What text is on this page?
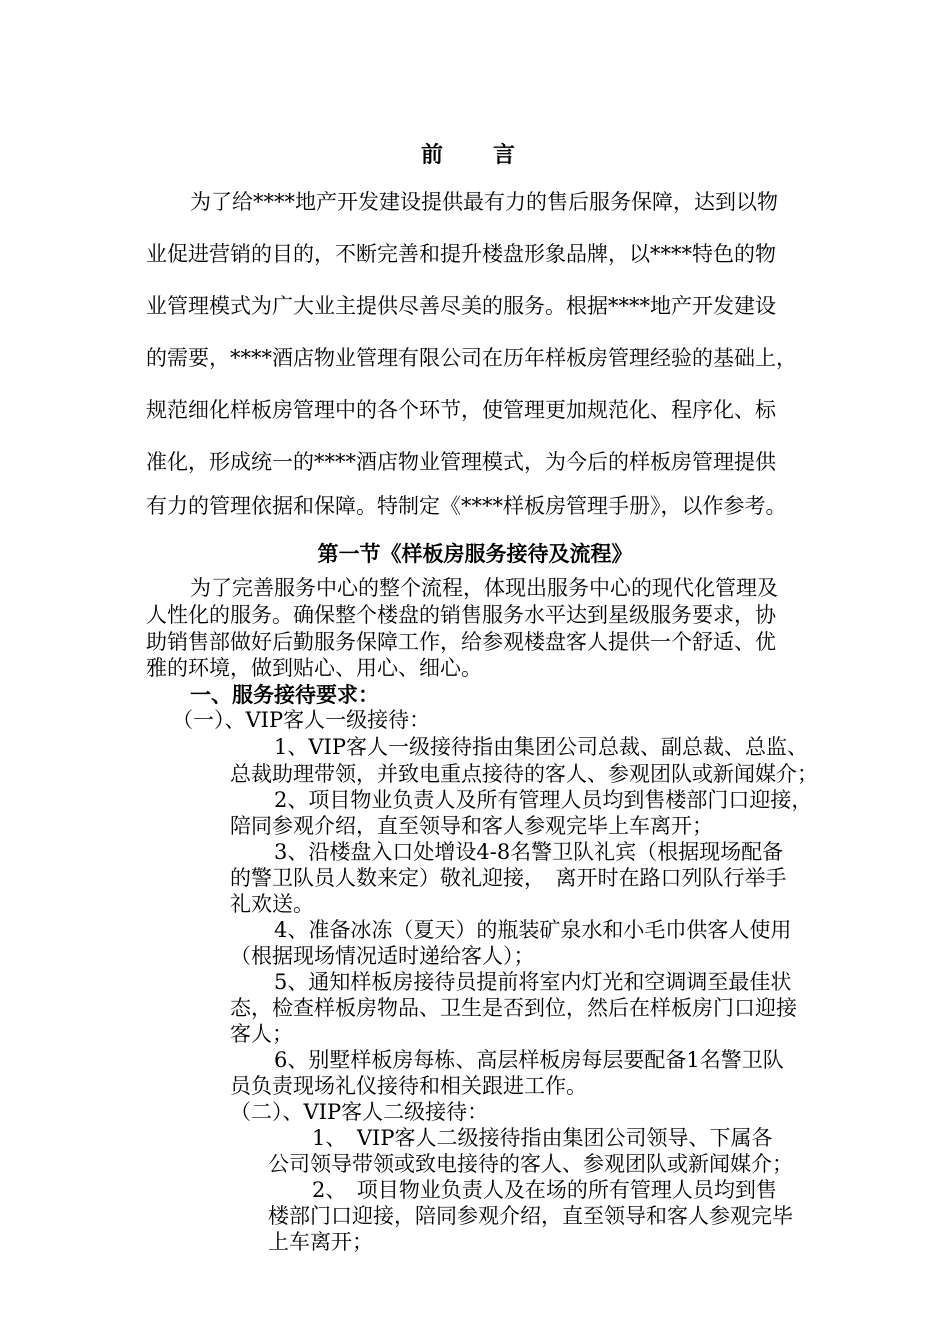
前　言
为了给****地产开发建设提供最有力的售后服务保障，达到以物
业促进营销的目的，不断完善和提升楼盘形象品牌，以****特色的物
业管理模式为广大业主提供尽善尽美的服务。根据****地产开发建设
的需要，****酒店物业管理有限公司在历年样板房管理经验的基础上，
规范细化样板房管理中的各个环节，使管理更加规范化、程序化、标
准化，形成统一的****酒店物业管理模式，为今后的样板房管理提供
有力的管理依据和保障。特制定《****样板房管理手册》，以作参考。
第一节《样板房服务接待及流程》
为了完善服务中心的整个流程，体现出服务中心的现代化管理及
人性化的服务。确保整个楼盘的销售服务水平达到星级服务要求，协
助销售部做好后勤服务保障工作，给参观楼盘客人提供一个舒适、优
雅的环境，做到贴心、用心、细心。
一、服务接待要求：
（一）、VIP客人一级接待：
1、VIP客人一级接待指由集团公司总裁、副总裁、总监、
总裁助理带领，并致电重点接待的客人、参观团队或新闻媒介；
2、项目物业负责人及所有管理人员均到售楼部门口迎接，
陪同参观介绍，直至领导和客人参观完毕上车离开；
3、沿楼盘入口处增设4-8名警卫队礼宾（根据现场配备
的警卫队员人数来定）敬礼迎接，　离开时在路口列队行举手
礼欢送。
4、准备冰冻（夏天）的瓶装矿泉水和小毛巾供客人使用
（根据现场情况适时递给客人）；
5、通知样板房接待员提前将室内灯光和空调调至最佳状
态，检查样板房物品、卫生是否到位，然后在样板房门口迎接
客人；
6、别墅样板房每栋、高层样板房每层要配备1名警卫队
员负责现场礼仪接待和相关跟进工作。
（二）、VIP客人二级接待：
1、　VIP客人二级接待指由集团公司领导、下属各
公司领导带领或致电接待的客人、参观团队或新闻媒介；
2、　项目物业负责人及在场的所有管理人员均到售
楼部门口迎接，陪同参观介绍，直至领导和客人参观完毕
上车离开；
